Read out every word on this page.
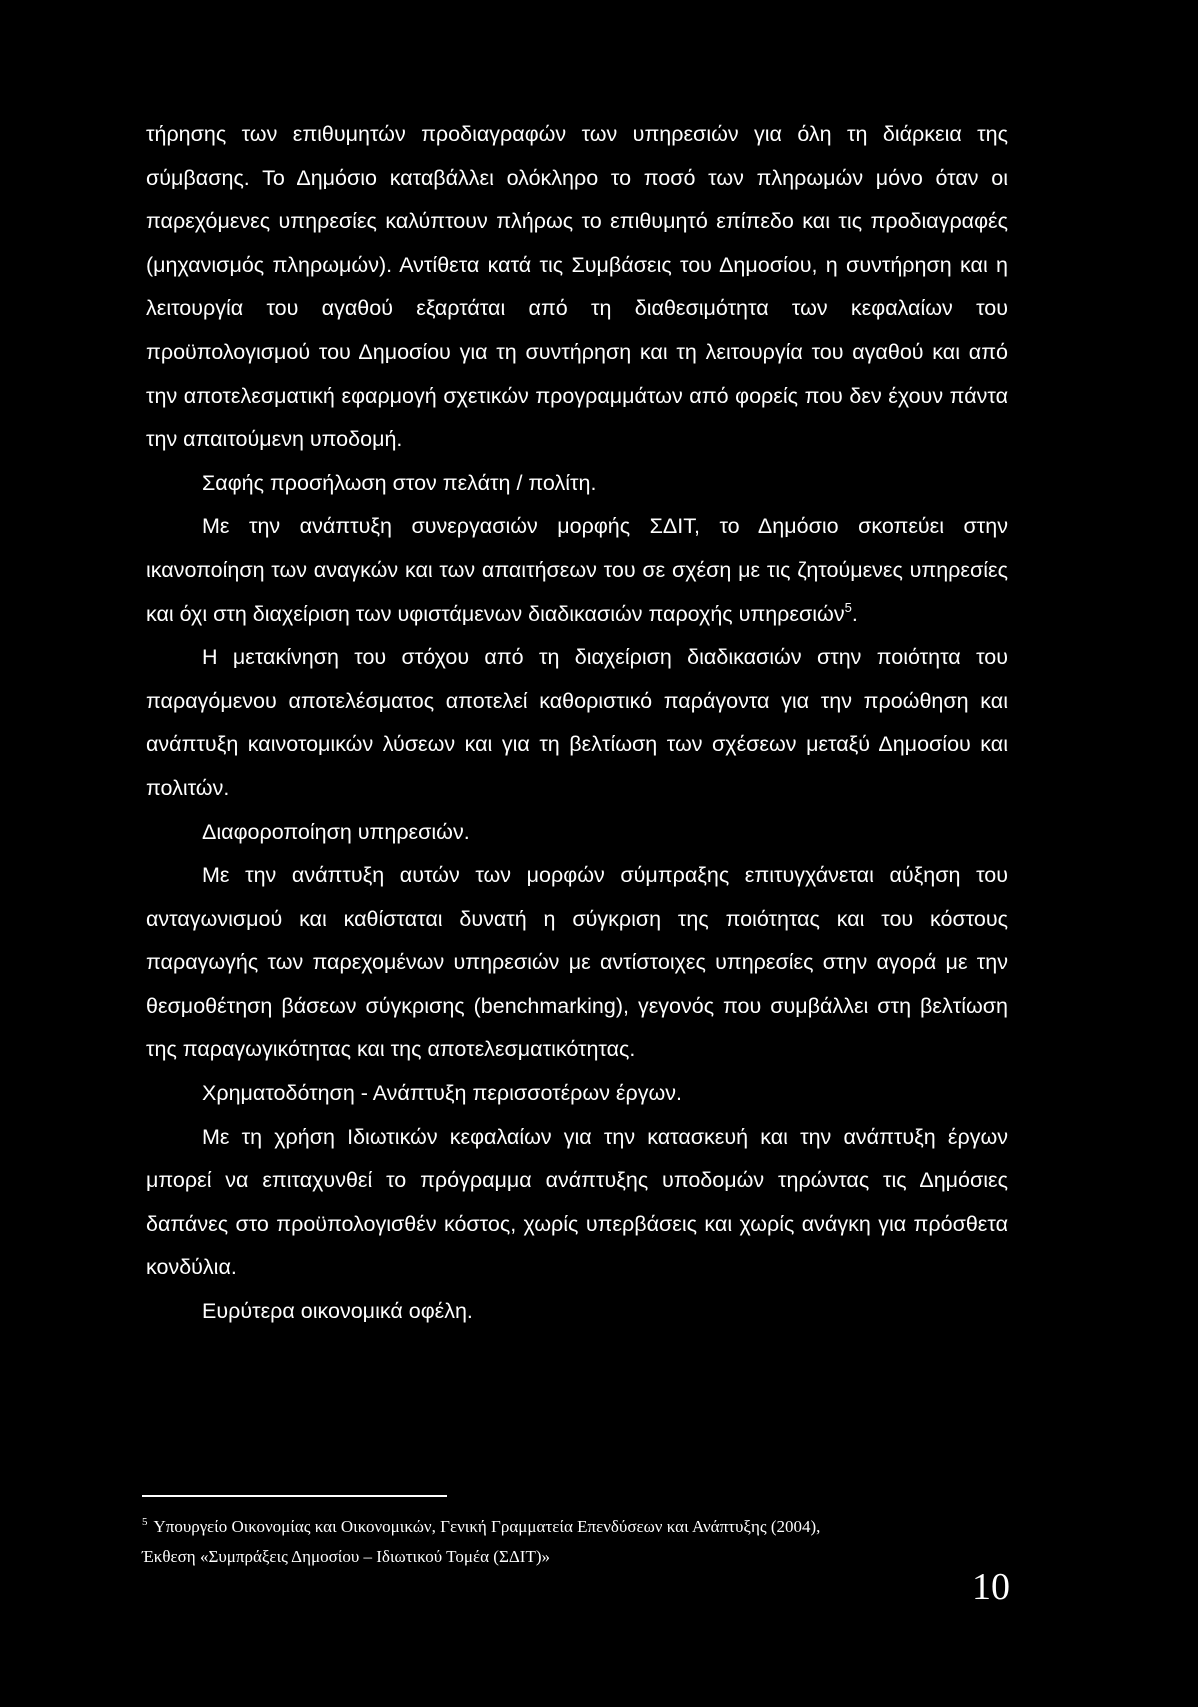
τήρησης των επιθυμητών προδιαγραφών των υπηρεσιών για όλη τη διάρκεια της σύμβασης. Το Δημόσιο καταβάλλει ολόκληρο το ποσό των πληρωμών μόνο όταν οι παρεχόμενες υπηρεσίες καλύπτουν πλήρως το επιθυμητό επίπεδο και τις προδιαγραφές (μηχανισμός πληρωμών). Αντίθετα κατά τις Συμβάσεις του Δημοσίου, η συντήρηση και η λειτουργία του αγαθού εξαρτάται από τη διαθεσιμότητα των κεφαλαίων του προϋπολογισμού του Δημοσίου για τη συντήρηση και τη λειτουργία του αγαθού και από την αποτελεσματική εφαρμογή σχετικών προγραμμάτων από φορείς που δεν έχουν πάντα την απαιτούμενη υποδομή.

Σαφής προσήλωση στον πελάτη / πολίτη.

Με την ανάπτυξη συνεργασιών μορφής ΣΔΙΤ, το Δημόσιο σκοπεύει στην ικανοποίηση των αναγκών και των απαιτήσεων του σε σχέση με τις ζητούμενες υπηρεσίες και όχι στη διαχείριση των υφιστάμενων διαδικασιών παροχής υπηρεσιών$^5$.

Η μετακίνηση του στόχου από τη διαχείριση διαδικασιών στην ποιότητα του παραγόμενου αποτελέσματος αποτελεί καθοριστικό παράγοντα για την προώθηση και ανάπτυξη καινοτομικών λύσεων και για τη βελτίωση των σχέσεων μεταξύ Δημοσίου και πολιτών.

Διαφοροποίηση υπηρεσιών.

Με την ανάπτυξη αυτών των μορφών σύμπραξης επιτυγχάνεται αύξηση του ανταγωνισμού και καθίσταται δυνατή η σύγκριση της ποιότητας και του κόστους παραγωγής των παρεχομένων υπηρεσιών με αντίστοιχες υπηρεσίες στην αγορά με την θεσμοθέτηση βάσεων σύγκρισης (benchmarking), γεγονός που συμβάλλει στη βελτίωση της παραγωγικότητας και της αποτελεσματικότητας.

Χρηματοδότηση - Ανάπτυξη περισσοτέρων έργων.

Με τη χρήση Ιδιωτικών κεφαλαίων για την κατασκευή και την ανάπτυξη έργων μπορεί να επιταχυνθεί το πρόγραμμα ανάπτυξης υποδομών τηρώντας τις Δημόσιες δαπάνες στο προϋπολογισθέν κόστος, χωρίς υπερβάσεις και χωρίς ανάγκη για πρόσθετα κονδύλια.

Ευρύτερα οικονομικά οφέλη.

$^5$ Υπουργείο Οικονομίας και Οικονομικών, Γενική Γραμματεία Επενδύσεων και Ανάπτυξης (2004),
Έκθεση «Συμπράξεις Δημοσίου – Ιδιωτικού Τομέα (ΣΔΙΤ)»
10
